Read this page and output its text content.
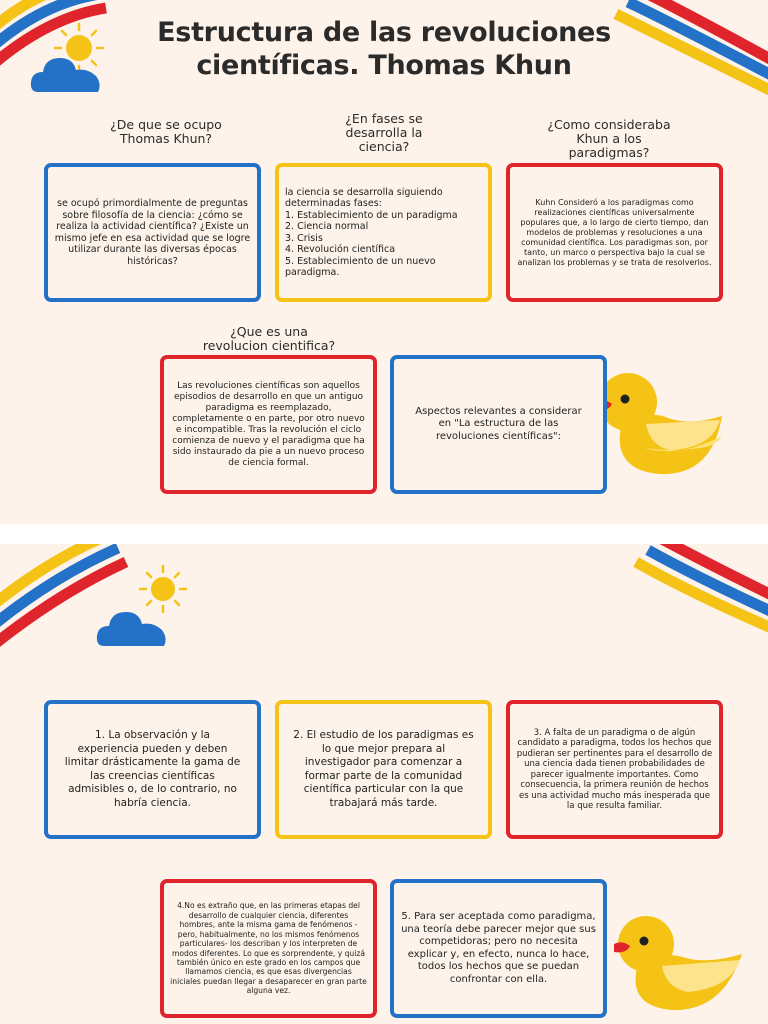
Estructura de las revoluciones científicas. Thomas Khun
¿De que se ocupo Thomas Khun?
¿En fases se desarrolla la ciencia?
¿Como consideraba Khun a los paradigmas?
¿Que es una revolucion cientifica?
se ocupó primordialmente de preguntas sobre filosofía de la ciencia: ¿cómo se realiza la actividad científica? ¿Existe un mismo jefe en esa actividad que se logre utilizar durante las diversas épocas históricas?
la ciencia se desarrolla siguiendo determinadas fases:
1. Establecimiento de un paradigma
2. Ciencia normal
3. Crisis
4. Revolución científica
5. Establecimiento de un nuevo paradigma.
Kuhn Consideró a los paradigmas como realizaciones científicas universalmente populares que, a lo largo de cierto tiempo, dan modelos de problemas y resoluciones a una comunidad científica. Los paradigmas son, por tanto, un marco o perspectiva bajo la cual se analizan los problemas y se trata de resolverlos.
Las revoluciones científicas son aquellos episodios de desarrollo en que un antiguo paradigma es reemplazado, completamente o en parte, por otro nuevo e incompatible. Tras la revolución el ciclo comienza de nuevo y el paradigma que ha sido instaurado da pie a un nuevo proceso de ciencia formal.
Aspectos relevantes a considerar en "La estructura de las revoluciones científicas":
1. La observación y la experiencia pueden y deben limitar drásticamente la gama de las creencias científicas admisibles o, de lo contrario, no habría ciencia.
2. El estudio de los paradigmas es lo que mejor prepara al investigador para comenzar a formar parte de la comunidad científica particular con la que trabajará más tarde.
3. A falta de un paradigma o de algún candidato a paradigma, todos los hechos que pudieran ser pertinentes para el desarrollo de una ciencia dada tienen probabilidades de parecer igualmente importantes. Como consecuencia, la primera reunión de hechos es una actividad mucho más inesperada que la que resulta familiar.
4.No es extraño que, en las primeras etapas del desarrollo de cualquier ciencia, diferentes hombres, ante la misma gama de fenómenos - pero, habitualmente, no los mismos fenómenos particulares- los describan y los interpreten de modos diferentes. Lo que es sorprendente, y quizá también único en este grado en los campos que llamamos ciencia, es que esas divergencias iniciales puedan llegar a desaparecer en gran parte alguna vez.
5. Para ser aceptada como paradigma, una teoría debe parecer mejor que sus competidoras; pero no necesita explicar y, en efecto, nunca lo hace, todos los hechos que se puedan confrontar con ella.
